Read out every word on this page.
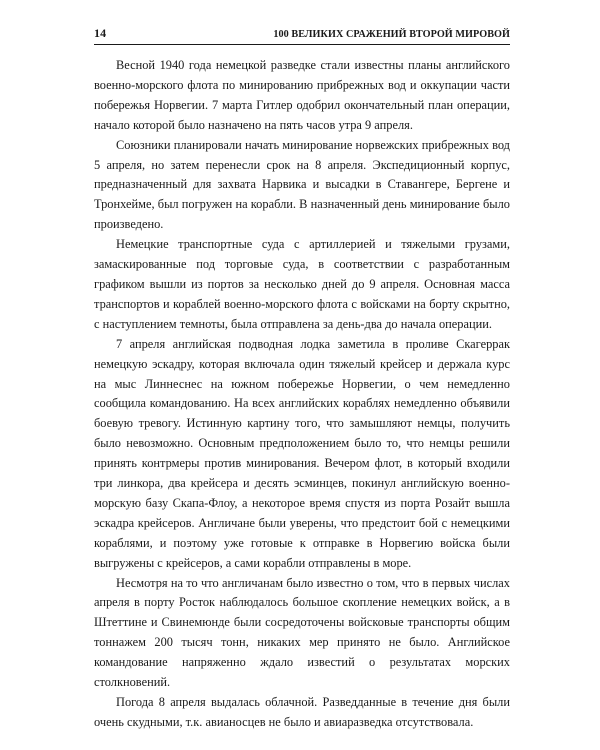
14	100 ВЕЛИКИХ СРАЖЕНИЙ ВТОРОЙ МИРОВОЙ

Весной 1940 года немецкой разведке стали известны планы английского военно-морского флота по минированию прибрежных вод и оккупации части побережья Норвегии. 7 марта Гитлер одобрил окончательный план операции, начало которой было назначено на пять часов утра 9 апреля.

Союзники планировали начать минирование норвежских прибрежных вод 5 апреля, но затем перенесли срок на 8 апреля. Экспедиционный корпус, предназначенный для захвата Нарвика и высадки в Ставангере, Бергене и Тронхейме, был погружен на корабли. В назначенный день минирование было произведено.

Немецкие транспортные суда с артиллерией и тяжелыми грузами, замаскированные под торговые суда, в соответствии с разработанным графиком вышли из портов за несколько дней до 9 апреля. Основная масса транспортов и кораблей военно-морского флота с войсками на борту скрытно, с наступлением темноты, была отправлена за день-два до начала операции.

7 апреля английская подводная лодка заметила в проливе Скагеррак немецкую эскадру, которая включала один тяжелый крейсер и держала курс на мыс Линнеснес на южном побережье Норвегии, о чем немедленно сообщила командованию. На всех английских кораблях немедленно объявили боевую тревогу. Истинную картину того, что замышляют немцы, получить было невозможно. Основным предположением было то, что немцы решили принять контрмеры против минирования. Вечером флот, в который входили три линкора, два крейсера и десять эсминцев, покинул английскую военно-морскую базу Скапа-Флоу, а некоторое время спустя из порта Розайт вышла эскадра крейсеров. Англичане были уверены, что предстоит бой с немецкими кораблями, и поэтому уже готовые к отправке в Норвегию войска были выгружены с крейсеров, а сами корабли отправлены в море.

Несмотря на то что англичанам было известно о том, что в первых числах апреля в порту Росток наблюдалось большое скопление немецких войск, а в Штеттине и Свинемюнде были сосредоточены войсковые транспорты общим тоннажем 200 тысяч тонн, никаких мер принято не было. Английское командование напряженно ждало известий о результатах морских столкновений.

Погода 8 апреля выдалась облачной. Разведданные в течение дня были очень скудными, т.к. авианосцев не было и авиаразведка отсутствовала.
